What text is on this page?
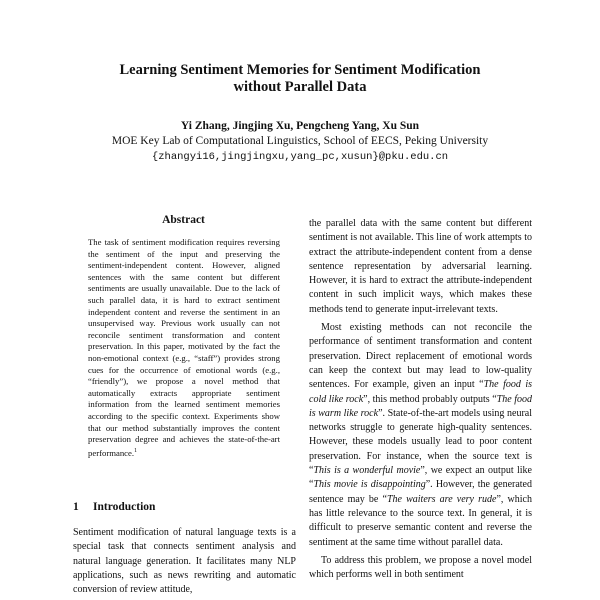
Learning Sentiment Memories for Sentiment Modification
without Parallel Data
Yi Zhang, Jingjing Xu, Pengcheng Yang, Xu Sun
MOE Key Lab of Computational Linguistics, School of EECS, Peking University
{zhangyi16,jingjingxu,yang_pc,xusun}@pku.edu.cn
Abstract

The task of sentiment modification requires reversing the sentiment of the input and preserving the sentiment-independent content. However, aligned sentences with the same content but different sentiments are usually unavailable. Due to the lack of such parallel data, it is hard to extract sentiment independent content and reverse the sentiment in an unsupervised way. Previous work usually can not reconcile sentiment transformation and content preservation. In this paper, motivated by the fact the non-emotional context (e.g., “staff”) provides strong cues for the occurrence of emotional words (e.g., “friendly”), we propose a novel method that automatically extracts appropriate sentiment information from the learned sentiment memories according to the specific context. Experiments show that our method substantially improves the content preservation degree and achieves the state-of-the-art performance.$^1$

1 Introduction

Sentiment modification of natural language texts is a special task that connects sentiment analysis and natural language generation. It facilitates many NLP applications, such as news rewriting and automatic conversion of review attitude,

the parallel data with the same content but different sentiment is not available. This line of work attempts to extract the attribute-independent content from a dense sentence representation by adversarial learning. However, it is hard to extract the attribute-independent content in such implicit ways, which makes these methods tend to generate input-irrelevant texts.

Most existing methods can not reconcile the performance of sentiment transformation and content preservation. Direct replacement of emotional words can keep the context but may lead to low-quality sentences. For example, given an input “The food is cold like rock”, this method probably outputs “The food is warm like rock”. State-of-the-art models using neural networks struggle to generate high-quality sentences. However, these models usually lead to poor content preservation. For instance, when the source text is “This is a wonderful movie”, we expect an output like “This movie is disappointing”. However, the generated sentence may be “The waiters are very rude”, which has little relevance to the source text. In general, it is difficult to preserve semantic content and reverse the sentiment at the same time without parallel data.

To address this problem, we propose a novel model which performs well in both sentiment
